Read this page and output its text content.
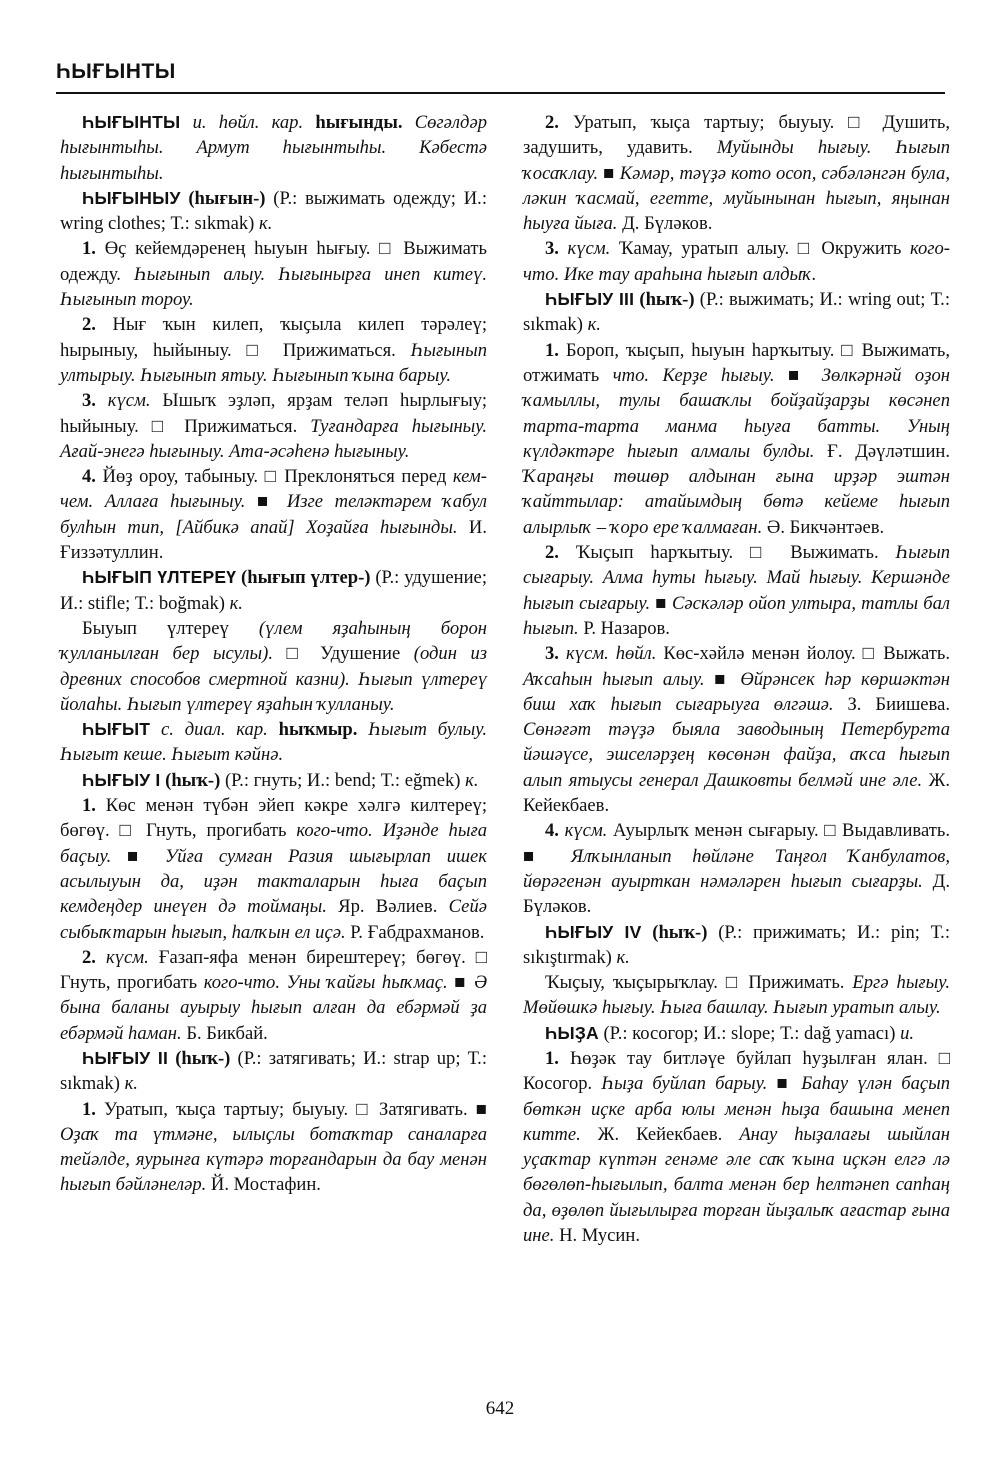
ҺЫҒЫНТЫ

ҺЫҒЫНТЫ и. һөйл. кар. һығынды. Сөгәлдәр һығынтыһы. Армут һығынтыһы. Кәбестә һығынтыһы.

ҺЫҒЫНЫУ (һығын-) (Р.: выжимать одежду; И.: wring clothes; Т.: sıkmak) к.

1. Өҫ кейемдәренең һыуын һығыу. □ Выжимать одежду. Һығынып алыу. Һығынырға инеп китеү. Һығынып тороу.

2. Нығ ҡын килеп, ҡыҫыла килеп тәрәлеү; һырыныу, һыйыныу. □ Прижиматься. Һығынып ултырыу. Һығынып ятыу. Һығынып ҡына барыу.

3. күсм. Ышыҡ эҙләп, ярҙам теләп һырлығыу; һыйыныу. □ Прижиматься. Туғандарға һығыныу. Ағай-энегә һығыныу. Ата-әсәһенә һығыныу.

4. Йөҙ ороу, табыныу. □ Преклоняться перед кем-чем. Аллаға һығыныу. ■ Изге теләктәрем ҡабул булһын тип, [Айбикә апай] Хоҙайға һығынды. И. Ғиззәтуллин.

ҺЫҒЫП ҮЛТЕРЕҮ (һығып үлтер-) (Р.: удушение; И.: stifle; Т.: boğmak) к.

Быуып үлтереү (үлем яҙаһының борон ҡулланылған бер ысулы). □ Удушение (один из древних способов смертной казни). Һығып үлтереү йолаһы. Һығып үлтереү яҙаһын ҡулланыу.

ҺЫҒЫТ с. диал. кар. һыҡмыр. Һығыт булыу. Һығыт кеше. Һығыт кәйнә.

ҺЫҒЫУ I (һыҡ-) (Р.: гнуть; И.: bend; Т.: eğmek) к.

1. Көс менән түбән эйеп кәкре хәлгә килтереү; бөгөү. □ Гнуть, прогибать кого-что. Иҙәнде һыға баҫыу. ■ Уйға сумған Разия шығырлап ишек асылыуын да, иҙән такталарын һыға баҫып кемдеңдер инеүен дә тоймаңы. Яр. Вәлиев. Сейә сыбыҡтарын һығып, һалҡын ел иҫә. Р. Ғабдрахманов.

2. күсм. Ғазап-яфа менән бирештереү; бөгөү. □ Гнуть, прогибать кого-что. Уны ҡайғы һыҡмаҫ. ■ Ә бына баланы ауырыу һығып алған да ебәрмәй ҙа ебәрмәй һаман. Б. Бикбай.

ҺЫҒЫУ II (һыҡ-) (Р.: затягивать; И.: strap up; Т.: sıkmak) к.

1. Уратып, ҡыҫа тартыу; быуыу. □ Затягивать. ■ Оҙаҡ та үтмәне, ылыҫлы ботаҡтар саналарға тейәлде, яурынға күтәрә торғандарын да бау менән һығып бәйләнеләр. Й. Мостафин.

2. Уратып, ҡыҫа тартыу; быуыу. □ Душить, задушить, удавить. Муйынды һығыу. Һығып ҡосаҡлау. ■ Кәмәр, тәүҙә кото осоп, сәбәләнгән була, ләкин ҡасмай, егетте, муйынынан һығып, яңынан һыуға йыға. Д. Бүләков.

3. күсм. Ҡамау, уратып алыу. □ Окружить кого-что. Ике тау араһына һығып алдыҡ.

ҺЫҒЫУ III (һыҡ-) (Р.: выжимать; И.: wring out; Т.: sıkmak) к.

1. Бороп, ҡыҫып, һыуын һарҡытыу. □ Выжимать, отжимать что. Керҙе һығыу. ■ Зөлкәрнәй оҙон ҡамыллы, тулы башаҡлы бойҙайҙарҙы көсәнеп тарта-тарта манма һыуға батты. Уның күлдәктәре һығып алмалы булды. Ғ. Дәүләтшин. Ҡараңғы төшөр алдынан ғына ирҙәр эштән ҡайттылар: атайымдың бөтә кейеме һығып алырлыҡ – ҡоро ере ҡалмаған. Ә. Бикчәнтәев.

2. Ҡыҫып һарҡытыу. □ Выжимать. Һығып сығарыу. Алма һуты һығыу. Май һығыу. Кершәнде һығып сығарыу. ■ Сәскәләр ойоп ултыра, татлы бал һығып. Р. Назаров.

3. күсм. һөйл. Көс-хәйлә менән йолоу. □ Выжать. Аҡсаһын һығып алыу. ■ Өйрәнсек һәр көршәктән биш хаҡ һығып сығарыуға өлгәшә. З. Биишева. Сөнәғәт тәүҙә быяла заводының Петербургта йәшәүсе, эшселәрҙең көсөнән файҙа, аҡса һығып алып ятыусы генерал Дашковты белмәй ине әле. Ж. Кейекбаев.

4. күсм. Ауырлыҡ менән сығарыу. □ Выдавливать. ■ Ялҡынланып һөйләне Таңғол Ҡанбулатов, йөрәгенән ауырткан нәмәләрен һығып сығарҙы. Д. Бүләков.

ҺЫҒЫУ IV (һыҡ-) (Р.: прижимать; И.: pin; Т.: sıkıştırmak) к.

Ҡыҫыу, ҡыҫырыҡлау. □ Прижимать. Ергә һығыу. Мөйөшкә һығыу. Һыға башлау. Һығып уратып алыу.

ҺЫҘА (Р.: косогор; И.: slope; Т.: dağ yamacı) и.

1. Һөҙәк тау битләүе буйлап һуҙылған ялан. □ Косогор. Һыҙа буйлап барыу. ■ Баһау үлән баҫып бөткән иҫке арба юлы менән һыҙа башына менеп китте. Ж. Кейекбаев. Анау һыҙалағы шыйлан уҫаҡтар күптән генәме әле саҡ ҡына иҫкән елгә лә бөгөлөп-һығылып, балта менән бер һелтәнеп сапһаң да, өҙөлөп йығылырға торған йыҙалыҡ ағастар ғына ине. Н. Мусин.

642
